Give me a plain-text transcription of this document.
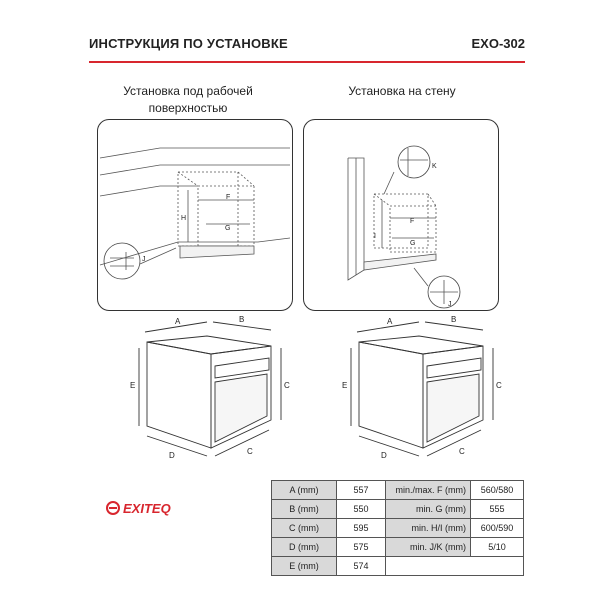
ИНСТРУКЦИЯ ПО УСТАНОВКЕ	EXO-302
Установка под рабочей
поверхностью
Установка на стену
F
G
H
J
F
G
I
K
J
A	B
E	C
D	C
A	B
E	C
D	C
EXITEQ
A (mm)	557	min./max. F (mm)	560/580
B (mm)	550	min. G (mm)	555
C (mm)	595	min. H/I (mm)	600/590
D (mm)	575	min. J/K (mm)	5/10
E (mm)	574		
